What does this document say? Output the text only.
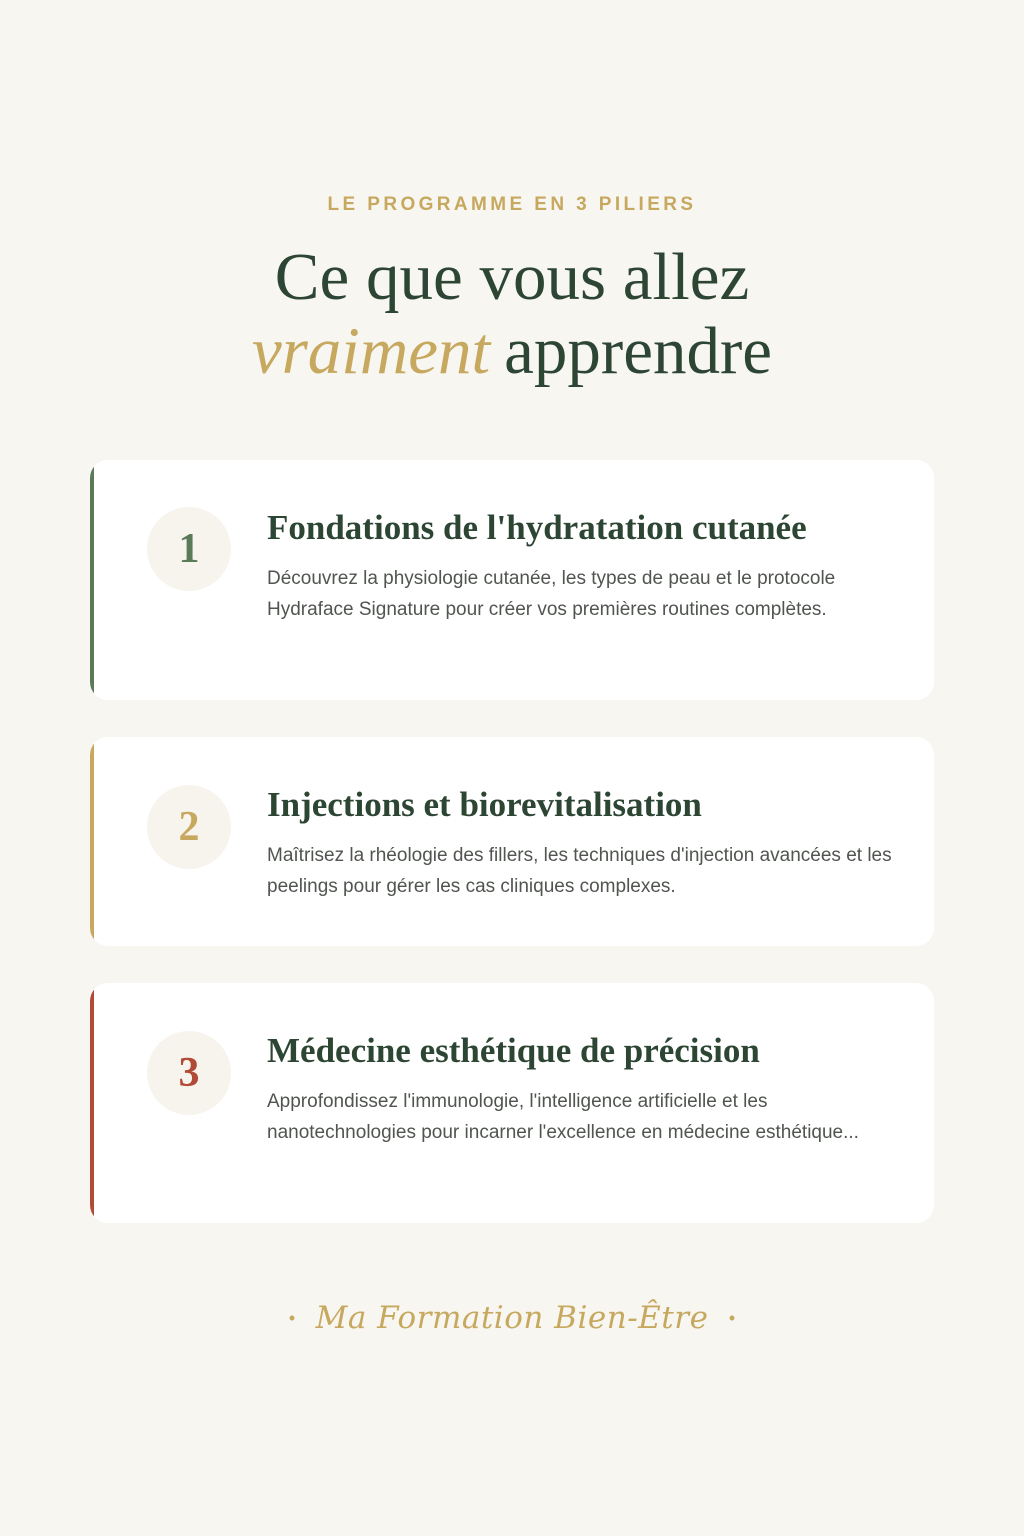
LE PROGRAMME EN 3 PILIERS
Ce que vous allez
vraiment apprendre
1	Fondations de l'hydratation cutanée

Découvrez la physiologie cutanée, les types de peau et le protocole Hydraface Signature pour créer vos premières routines complètes.

2	Injections et biorevitalisation

Maîtrisez la rhéologie des fillers, les techniques d'injection avancées et les peelings pour gérer les cas cliniques complexes.

3	Médecine esthétique de précision

Approfondissez l'immunologie, l'intelligence artificielle et les nanotechnologies pour incarner l'excellence en médecine esthétique...

• Ma Formation Bien-Être •
